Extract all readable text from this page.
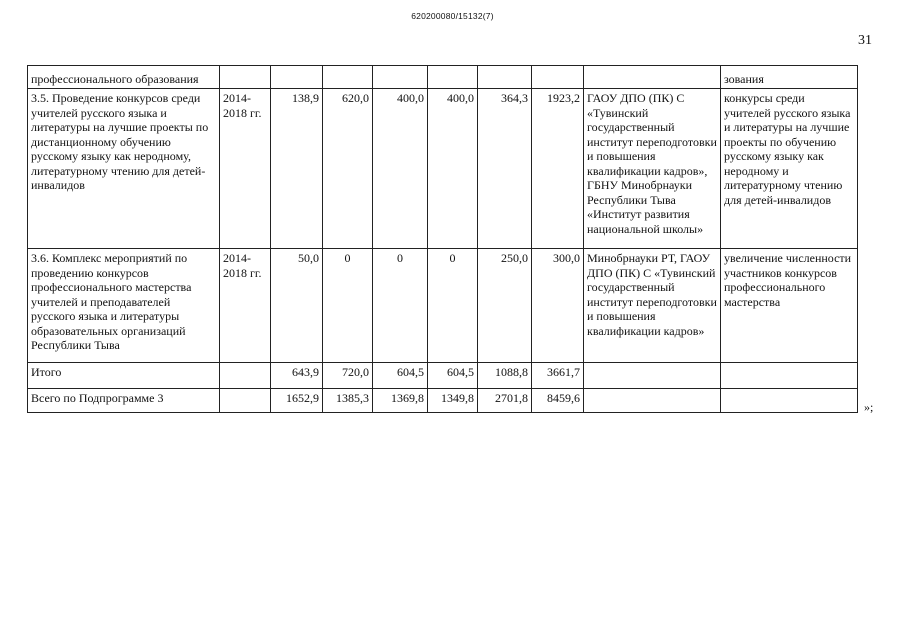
620200080/15132(7)
31
профессионального образования									зования

3.5. Проведение конкурсов среди учителей русского языка и литературы на лучшие проекты по дистанционному обучению русскому языку как неродному, литературному чтению для детей-инвалидов	2014-2018 гг.	138,9	620,0	400,0	400,0	364,3	1923,2	ГАОУ ДПО (ПК) С «Тувинский государственный институт переподготовки и повышения квалификации кадров», ГБНУ Минобрнауки Республики Тыва «Институт развития национальной школы»	конкурсы среди учителей русского языка и литературы на лучшие проекты по обучению русскому языку как неродному и литературному чтению для детей-инвалидов

3.6. Комплекс мероприятий по проведению конкурсов профессионального мастерства учителей и преподавателей русского языка и литературы образовательных организаций Республики Тыва	2014-2018 гг.	50,0	0	0	0	250,0	300,0	Минобрнауки РТ, ГАОУ ДПО (ПК) С «Тувинский государственный институт переподготовки и повышения квалификации кадров»	увеличение численности участников конкурсов профессионального мастерства

Итого		643,9	720,0	604,5	604,5	1088,8	3661,7		
Всего по Подпрограмме 3		1652,9	1385,3	1369,8	1349,8	2701,8	8459,6		
»;
